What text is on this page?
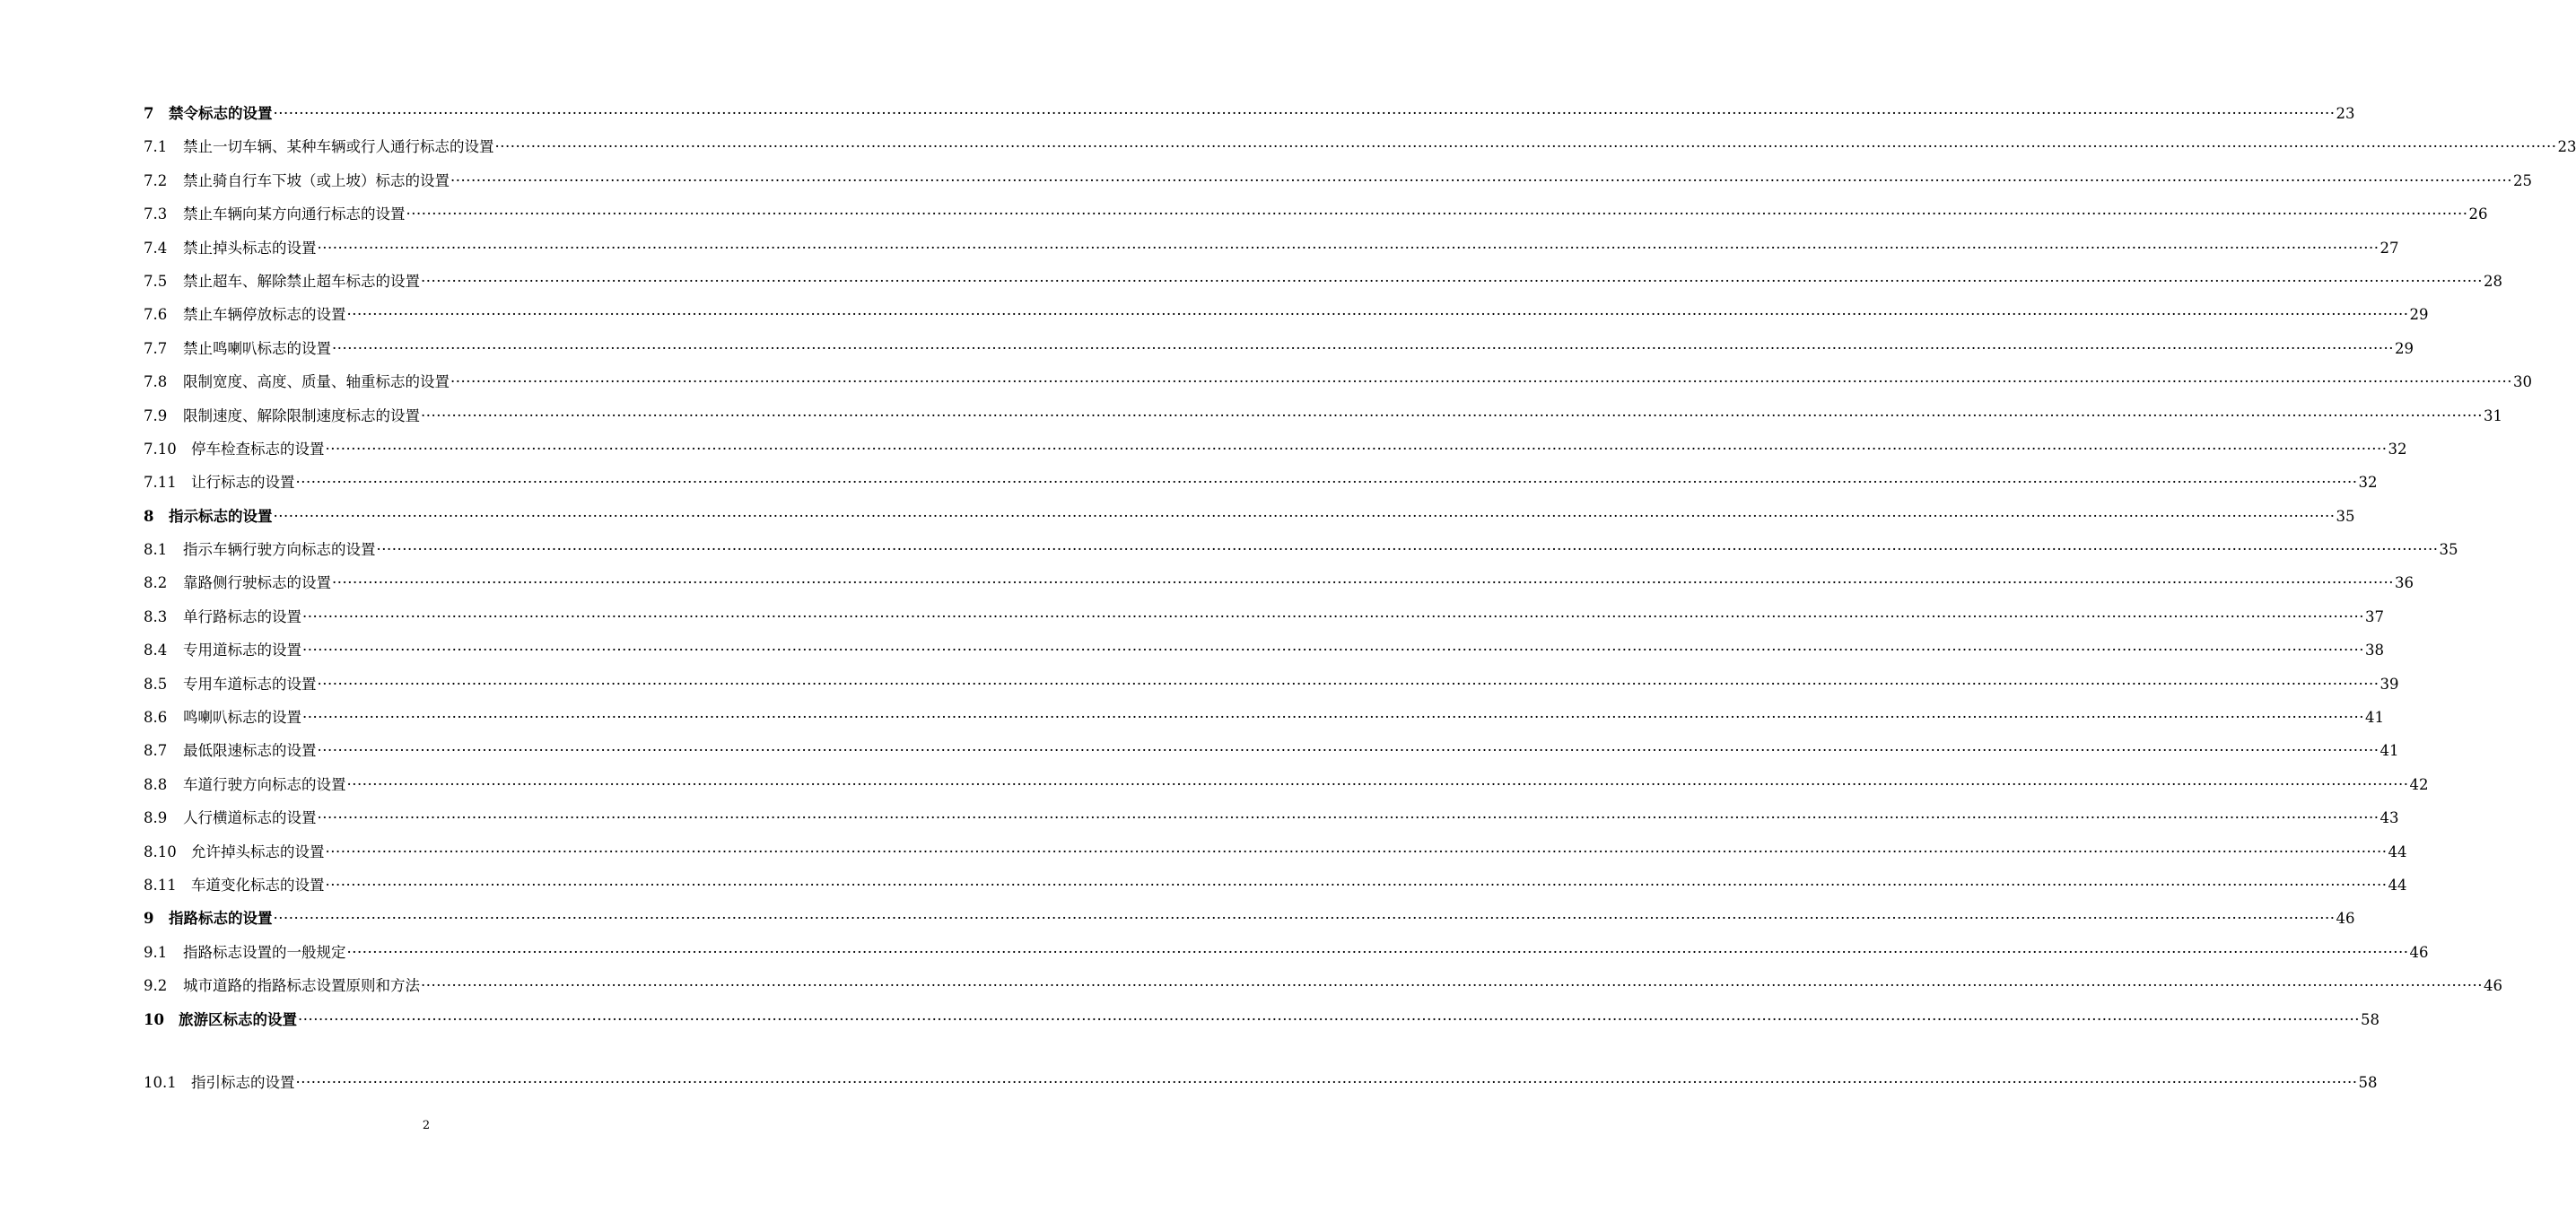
7	禁令标志的设置 ················································································································································································································································································································································································································ 23
7.1	禁止一切车辆、某种车辆或行人通行标志的设置 ················································································································································································································································································································································································································ 23
7.2	禁止骑自行车下坡（或上坡）标志的设置 ················································································································································································································································································································································································································ 25
7.3	禁止车辆向某方向通行标志的设置 ················································································································································································································································································································································································································ 26
7.4	禁止掉头标志的设置 ················································································································································································································································································································································································································ 27
7.5	禁止超车、解除禁止超车标志的设置 ················································································································································································································································································································································································································ 28
7.6	禁止车辆停放标志的设置 ················································································································································································································································································································································································································ 29
7.7	禁止鸣喇叭标志的设置 ················································································································································································································································································································································································································ 29
7.8	限制宽度、高度、质量、轴重标志的设置 ················································································································································································································································································································································································································ 30
7.9	限制速度、解除限制速度标志的设置 ················································································································································································································································································································································································································ 31
7.10 停车检查标志的设置 ················································································································································································································································································································································································································ 32
7.11 让行标志的设置 ················································································································································································································································································································································································································ 32
8	指示标志的设置 ················································································································································································································································································································································································································ 35
8.1	指示车辆行驶方向标志的设置 ················································································································································································································································································································································································································ 35
8.2	靠路侧行驶标志的设置 ················································································································································································································································································································································································································ 36
8.3	单行路标志的设置 ················································································································································································································································································································································································································ 37
8.4	专用道标志的设置 ················································································································································································································································································································································································································ 38
8.5	专用车道标志的设置 ················································································································································································································································································································································································································ 39
8.6	鸣喇叭标志的设置 ················································································································································································································································································································································································································ 41
8.7	最低限速标志的设置 ················································································································································································································································································································································································································ 41
8.8	车道行驶方向标志的设置 ················································································································································································································································································································································································································ 42
8.9	人行横道标志的设置 ················································································································································································································································································································································································································ 43
8.10 允许掉头标志的设置 ················································································································································································································································································································································································································ 44
8.11 车道变化标志的设置 ················································································································································································································································································································································································································ 44
9	指路标志的设置 ················································································································································································································································································································································································································ 46
9.1	指路标志设置的一般规定 ················································································································································································································································································································································································································ 46
9.2	城市道路的指路标志设置原则和方法 ················································································································································································································································································································································································································ 46
10 旅游区标志的设置 ················································································································································································································································································································································································································ 58
10.1 指引标志的设置 ················································································································································································································································································································································································································ 58
2
